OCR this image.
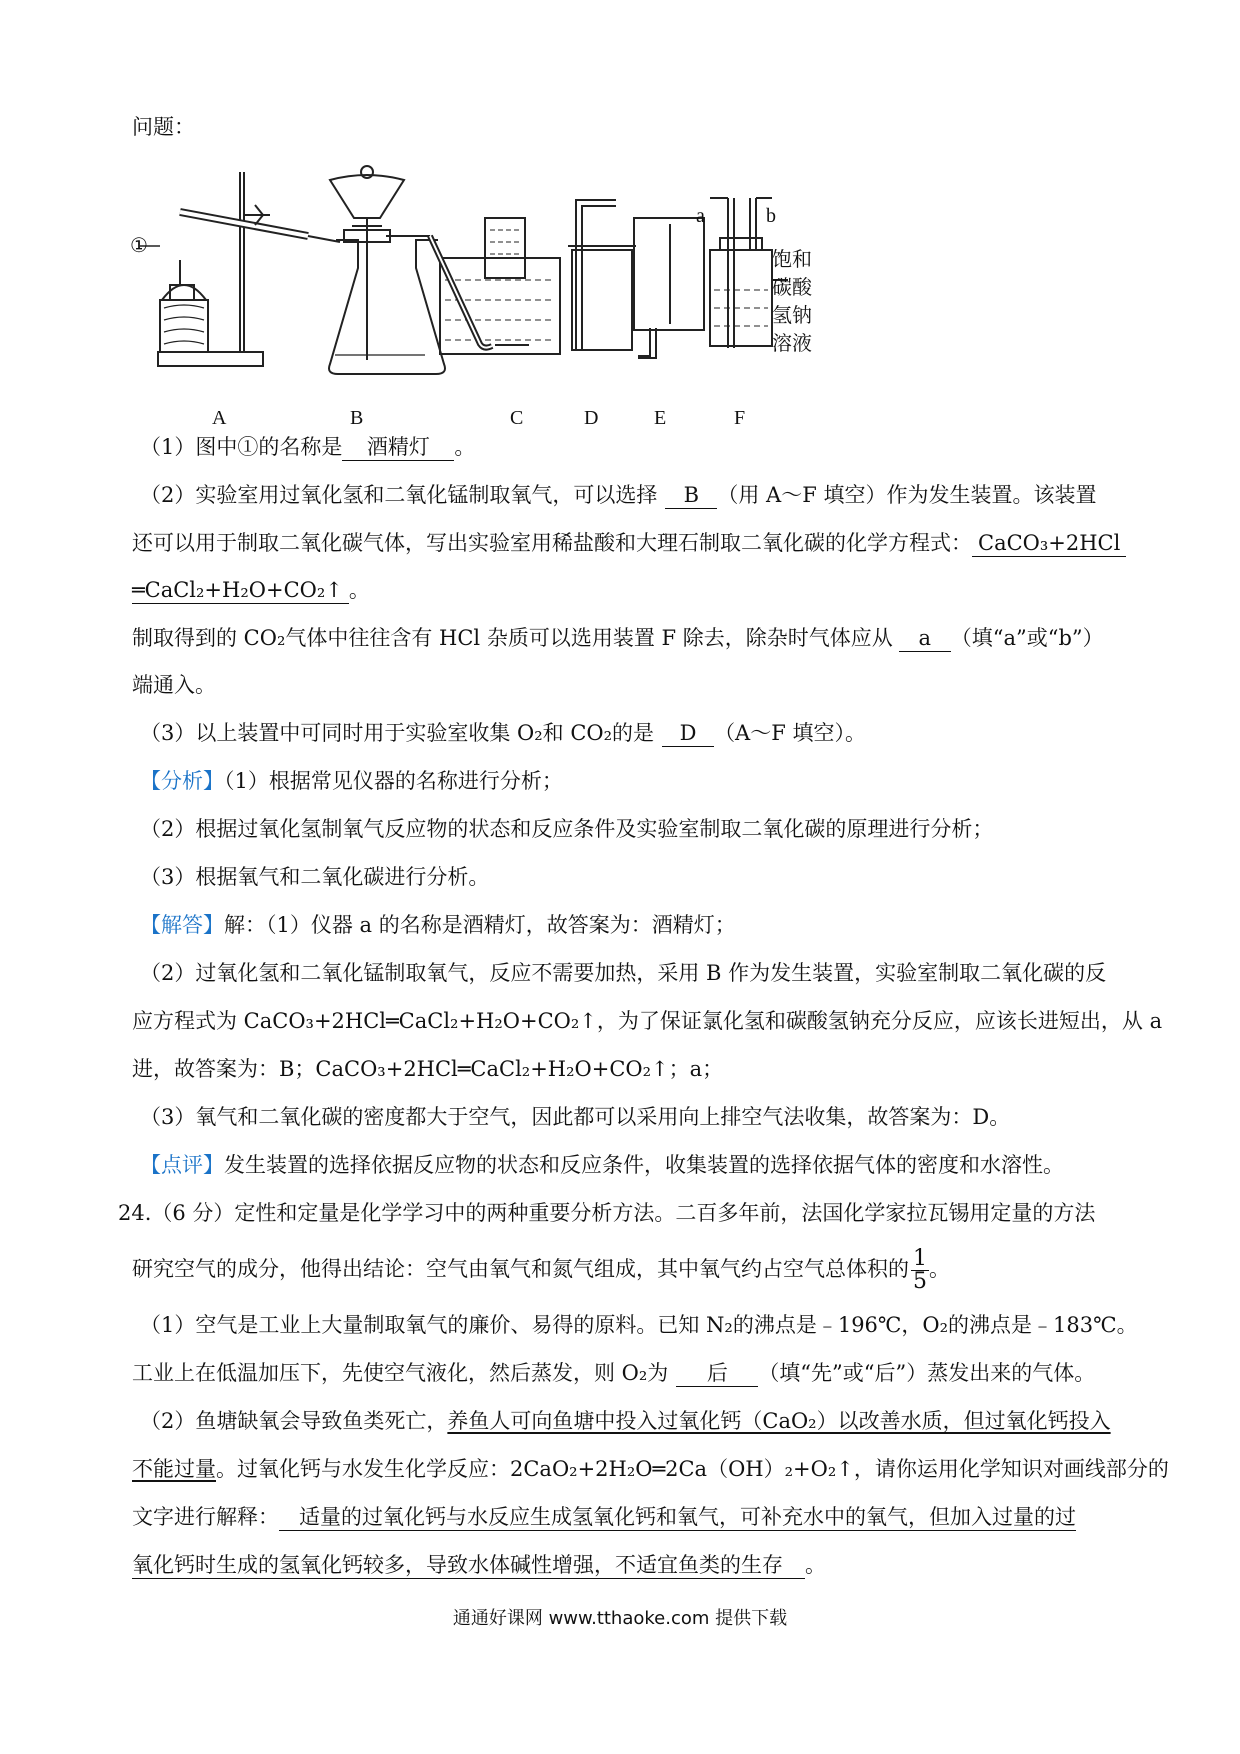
问题：
A	B	C	D	E	F
①
a	b
饱和
碳酸
氢钠
溶液
（1）图中①的名称是 酒精灯 。
（2）实验室用过氧化氢和二氧化锰制取氧气，可以选择 B （用 A～F 填空）作为发生装置。该装置
还可以用于制取二氧化碳气体，写出实验室用稀盐酸和大理石制取二氧化碳的化学方程式： CaCO₃+2HCl
═CaCl₂+H₂O+CO₂↑ 。
制取得到的 CO₂气体中往往含有 HCl 杂质可以选用装置 F 除去，除杂时气体应从 a （填“a”或“b”）
端通入。
（3）以上装置中可同时用于实验室收集 O₂和 CO₂的是 D （A～F 填空）。
【分析】（1）根据常见仪器的名称进行分析；
（2）根据过氧化氢制氧气反应物的状态和反应条件及实验室制取二氧化碳的原理进行分析；
（3）根据氧气和二氧化碳进行分析。
【解答】解：（1）仪器 a 的名称是酒精灯，故答案为：酒精灯；
（2）过氧化氢和二氧化锰制取氧气，反应不需要加热，采用 B 作为发生装置，实验室制取二氧化碳的反
应方程式为 CaCO₃+2HCl═CaCl₂+H₂O+CO₂↑，为了保证氯化氢和碳酸氢钠充分反应，应该长进短出，从 a
进，故答案为：B；CaCO₃+2HCl═CaCl₂+H₂O+CO₂↑；a；
（3）氧气和二氧化碳的密度都大于空气，因此都可以采用向上排空气法收集，故答案为：D。
【点评】发生装置的选择依据反应物的状态和反应条件，收集装置的选择依据气体的密度和水溶性。
24.（6 分）定性和定量是化学学习中的两种重要分析方法。二百多年前，法国化学家拉瓦锡用定量的方法
研究空气的成分，他得出结论：空气由氧气和氮气组成，其中氧气约占空气总体积的 $\frac{1}{5}$ 。
（1）空气是工业上大量制取氧气的廉价、易得的原料。已知 N₂的沸点是﹣196℃，O₂的沸点是﹣183℃。
工业上在低温加压下，先使空气液化，然后蒸发，则 O₂为 后 （填“先”或“后”）蒸发出来的气体。
（2）鱼塘缺氧会导致鱼类死亡，养鱼人可向鱼塘中投入过氧化钙（CaO₂）以改善水质，但过氧化钙投入
不能过量。过氧化钙与水发生化学反应：2CaO₂+2H₂O═2Ca（OH）₂+O₂↑，请你运用化学知识对画线部分的
文字进行解释： 适量的过氧化钙与水反应生成氢氧化钙和氧气，可补充水中的氧气，但加入过量的过
氧化钙时生成的氢氧化钙较多，导致水体碱性增强，不适宜鱼类的生存 。
通通好课网 www.tthaoke.com 提供下载
